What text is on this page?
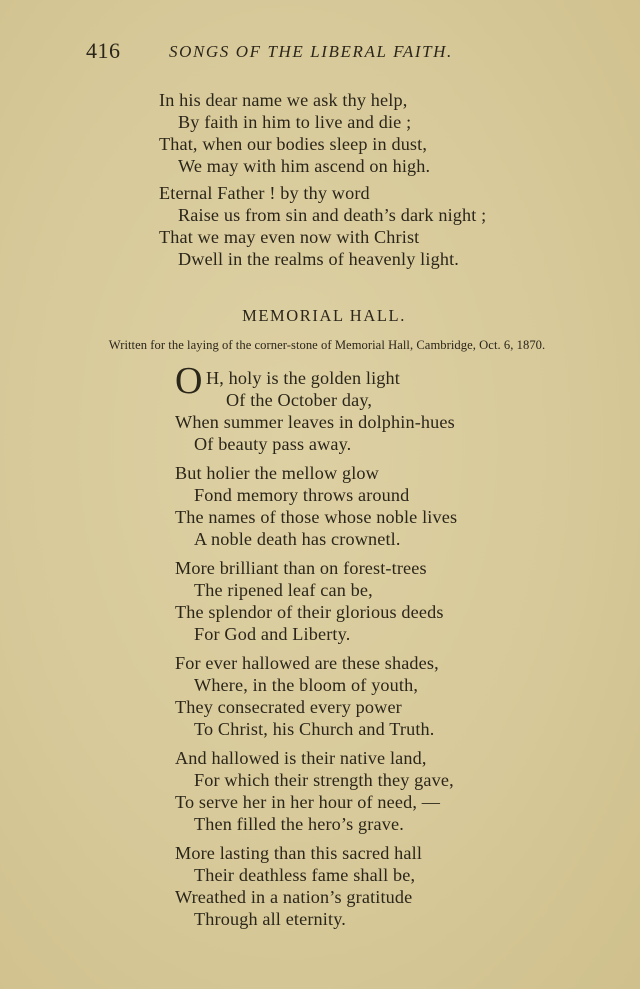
416	SONGS OF THE LIBERAL FAITH.
In his dear name we ask thy help,
By faith in him to live and die ;
That, when our bodies sleep in dust,
We may with him ascend on high.
Eternal Father ! by thy word
Raise us from sin and death’s dark night ;
That we may even now with Christ
Dwell in the realms of heavenly light.
MEMORIAL HALL.
Written for the laying of the corner-stone of Memorial Hall, Cambridge, Oct. 6, 1870.
O H, holy is the golden light
Of the October day,
When summer leaves in dolphin-hues
Of beauty pass away.
But holier the mellow glow
Fond memory throws around
The names of those whose noble lives
A noble death has crownetl.
More brilliant than on forest-trees
The ripened leaf can be,
The splendor of their glorious deeds
For God and Liberty.
For ever hallowed are these shades,
Where, in the bloom of youth,
They consecrated every power
To Christ, his Church and Truth.
And hallowed is their native land,
For which their strength they gave,
To serve her in her hour of need, —
Then filled the hero’s grave.
More lasting than this sacred hall
Their deathless fame shall be,
Wreathed in a nation’s gratitude
Through all eternity.
